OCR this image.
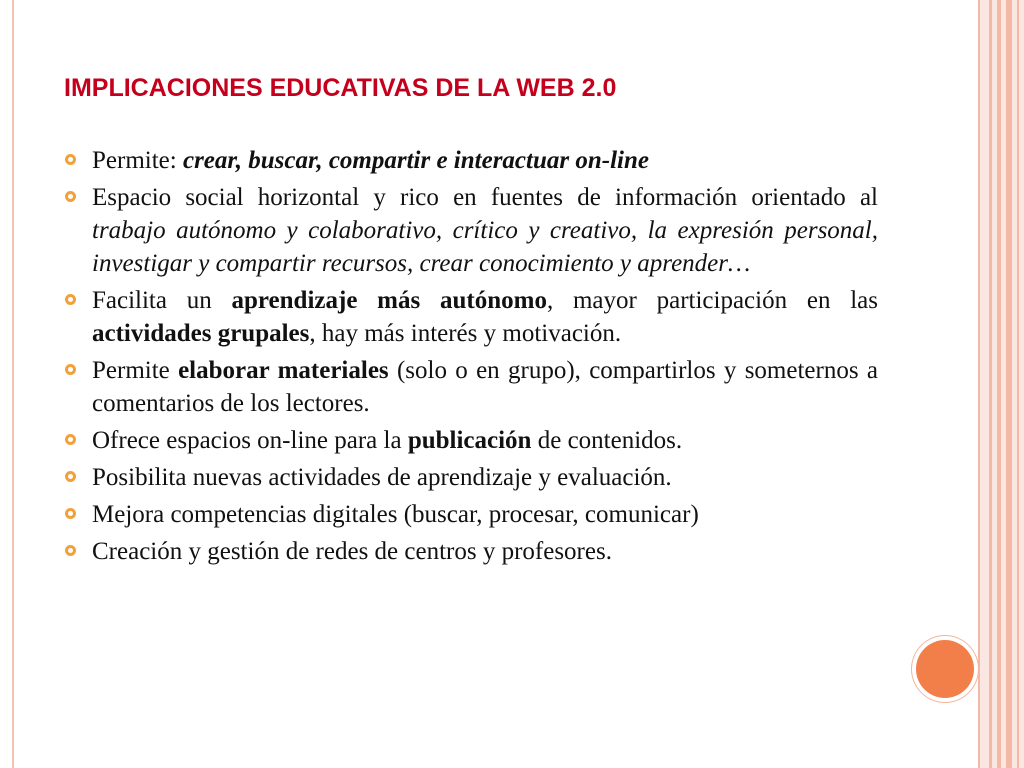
IMPLICACIONES EDUCATIVAS DE LA WEB 2.0
Permite: crear, buscar, compartir e interactuar on-line
Espacio social horizontal y rico en fuentes de información orientado al trabajo autónomo y colaborativo, crítico y creativo, la expresión personal, investigar y compartir recursos, crear conocimiento y aprender…
Facilita un aprendizaje más autónomo, mayor participación en las actividades grupales, hay más interés y motivación.
Permite elaborar materiales (solo o en grupo), compartirlos y someternos a comentarios de los lectores.
Ofrece espacios on-line para la publicación de contenidos.
Posibilita nuevas actividades de aprendizaje y evaluación.
Mejora competencias digitales (buscar, procesar, comunicar)
Creación y gestión de redes de centros y profesores.
